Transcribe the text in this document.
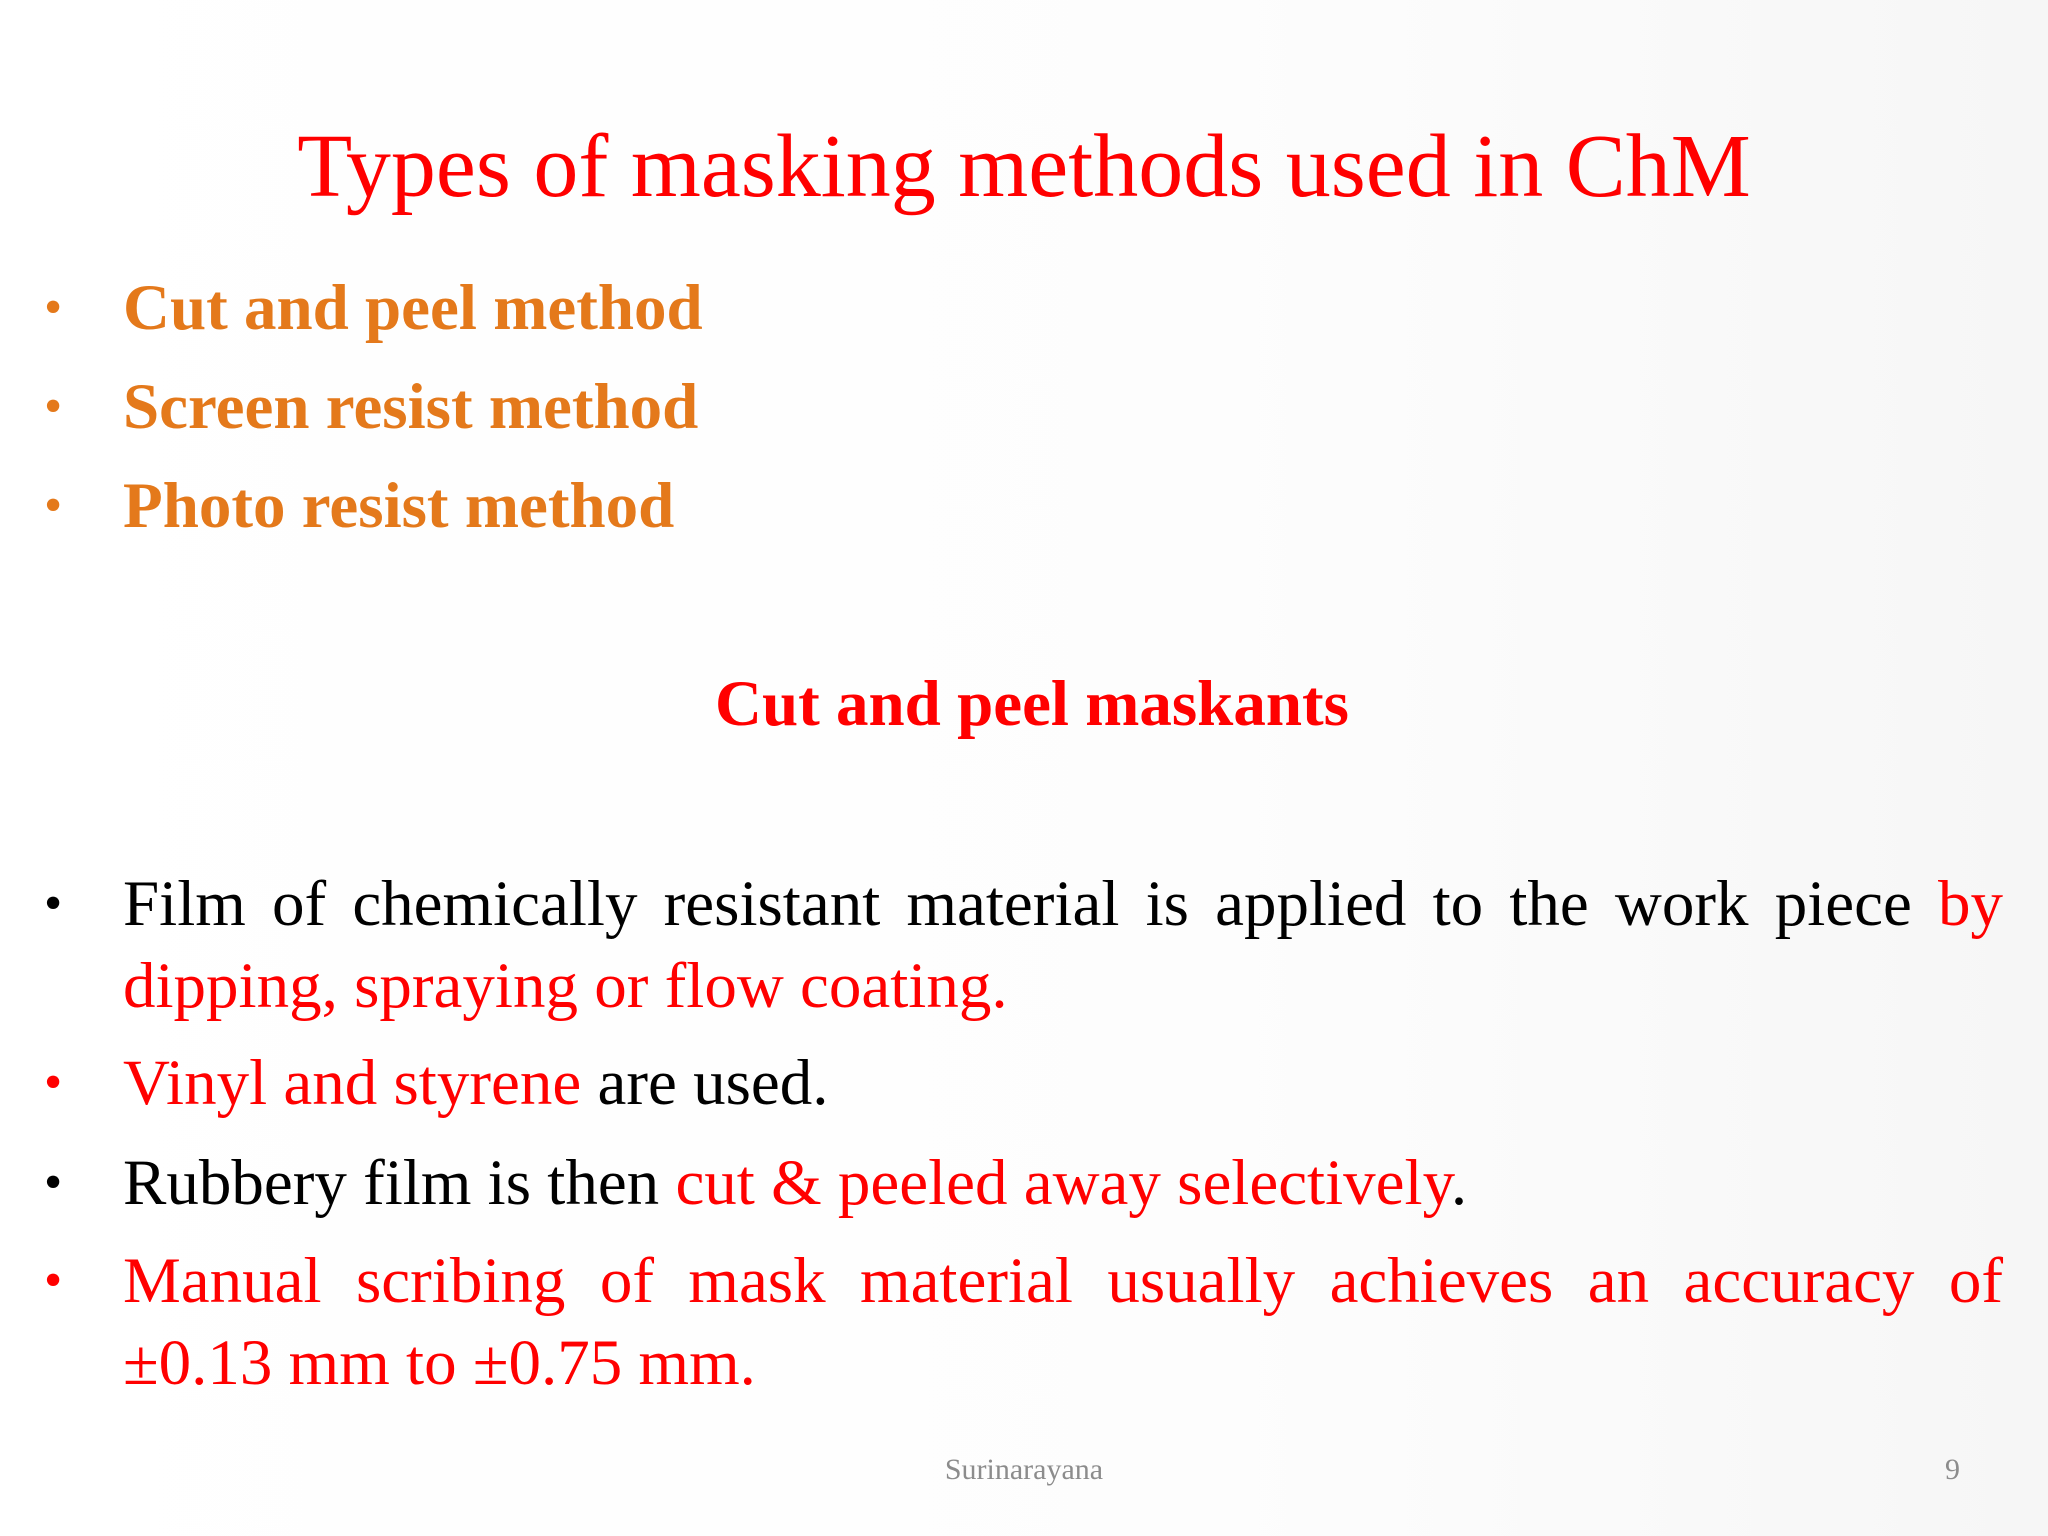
Types of masking methods used in ChM
• Cut and peel method
• Screen resist method
• Photo resist method
Cut and peel maskants
• Film of chemically resistant material is applied to the work piece by dipping, spraying or flow coating.
• Vinyl and styrene are used.
• Rubbery film is then cut & peeled away selectively.
• Manual scribing of mask material usually achieves an accuracy of ±0.13 mm to ±0.75 mm.
Surinarayana	9
